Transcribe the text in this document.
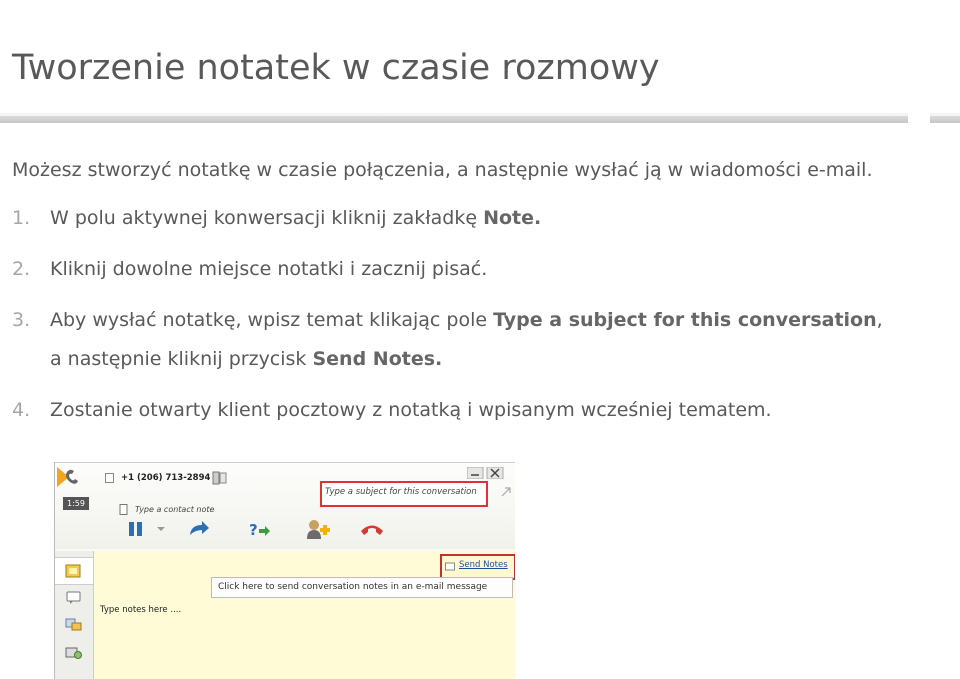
Tworzenie notatek w czasie rozmowy
Możesz stworzyć notatkę w czasie połączenia, a następnie wysłać ją w wiadomości e-mail.
1. W polu aktywnej konwersacji kliknij zakładkę Note.
2. Kliknij dowolne miejsce notatki i zacznij pisać.
3. Aby wysłać notatkę, wpisz temat klikając pole Type a subject for this conversation,
a następnie kliknij przycisk Send Notes.
4. Zostanie otwarty klient pocztowy z notatką i wpisanym wcześniej tematem.
1:59
+1 (206) 713-2894
Type a subject for this conversation
Type a contact note
?
Send Notes
Click here to send conversation notes in an e-mail message
Type notes here ....
